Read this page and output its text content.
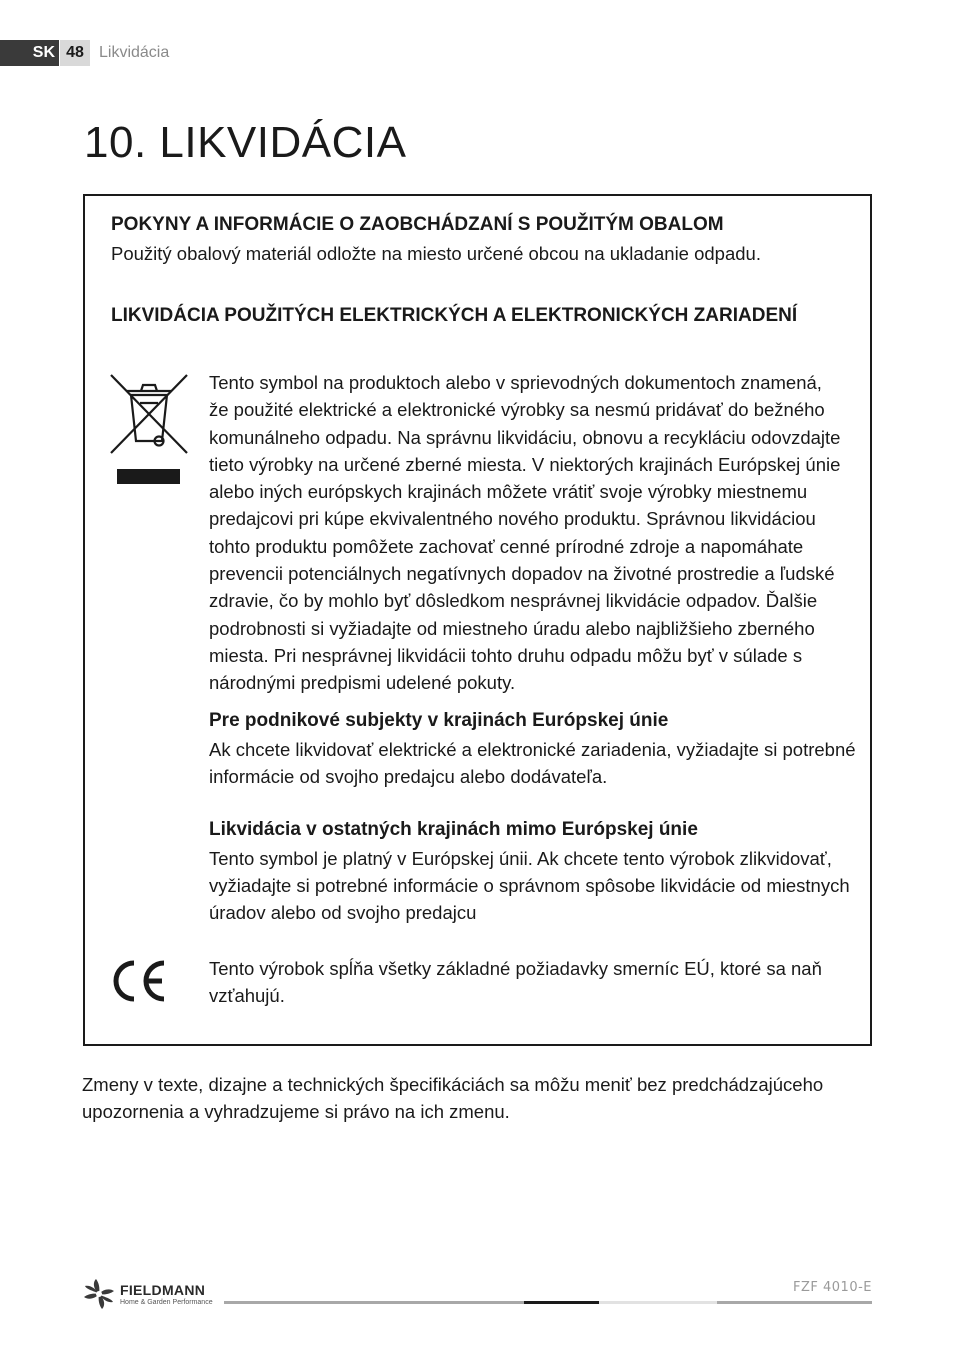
SK 48 Likvidácia
10. LIKVIDÁCIA
POKYNY A INFORMÁCIE O ZAOBCHÁDZANÍ S POUŽITÝM OBALOM
Použitý obalový materiál odložte na miesto určené obcou na ukladanie odpadu.
LIKVIDÁCIA POUŽITÝCH ELEKTRICKÝCH A ELEKTRONICKÝCH ZARIADENÍ
Tento symbol na produktoch alebo v sprievodných dokumentoch znamená,
že použité elektrické a elektronické výrobky sa nesmú pridávať do bežného
komunálneho odpadu. Na správnu likvidáciu, obnovu a recykláciu odovzdajte
tieto výrobky na určené zberné miesta. V niektorých krajinách Európskej únie
alebo iných európskych krajinách môžete vrátiť svoje výrobky miestnemu
predajcovi pri kúpe ekvivalentného nového produktu. Správnou likvidáciou
tohto produktu pomôžete zachovať cenné prírodné zdroje a napomáhate
prevencii potenciálnych negatívnych dopadov na životné prostredie a ľudské
zdravie, čo by mohlo byť dôsledkom nesprávnej likvidácie odpadov. Ďalšie
podrobnosti si vyžiadajte od miestneho úradu alebo najbližšieho zberného
miesta. Pri nesprávnej likvidácii tohto druhu odpadu môžu byť v súlade s
národnými predpismi udelené pokuty.
Pre podnikové subjekty v krajinách Európskej únie
Ak chcete likvidovať elektrické a elektronické zariadenia, vyžiadajte si potrebné
informácie od svojho predajcu alebo dodávateľa.
Likvidácia v ostatných krajinách mimo Európskej únie
Tento symbol je platný v Európskej únii. Ak chcete tento výrobok zlikvidovať,
vyžiadajte si potrebné informácie o správnom spôsobe likvidácie od miestnych
úradov alebo od svojho predajcu
Tento výrobok spĺňa všetky základné požiadavky smerníc EÚ, ktoré sa naň
vzťahujú.
Zmeny v texte, dizajne a technických špecifikáciách sa môžu meniť bez predchádzajúceho
upozornenia a vyhradzujeme si právo na ich zmenu.
FIELDMANN
Home & Garden Performance
FZF 4010-E
